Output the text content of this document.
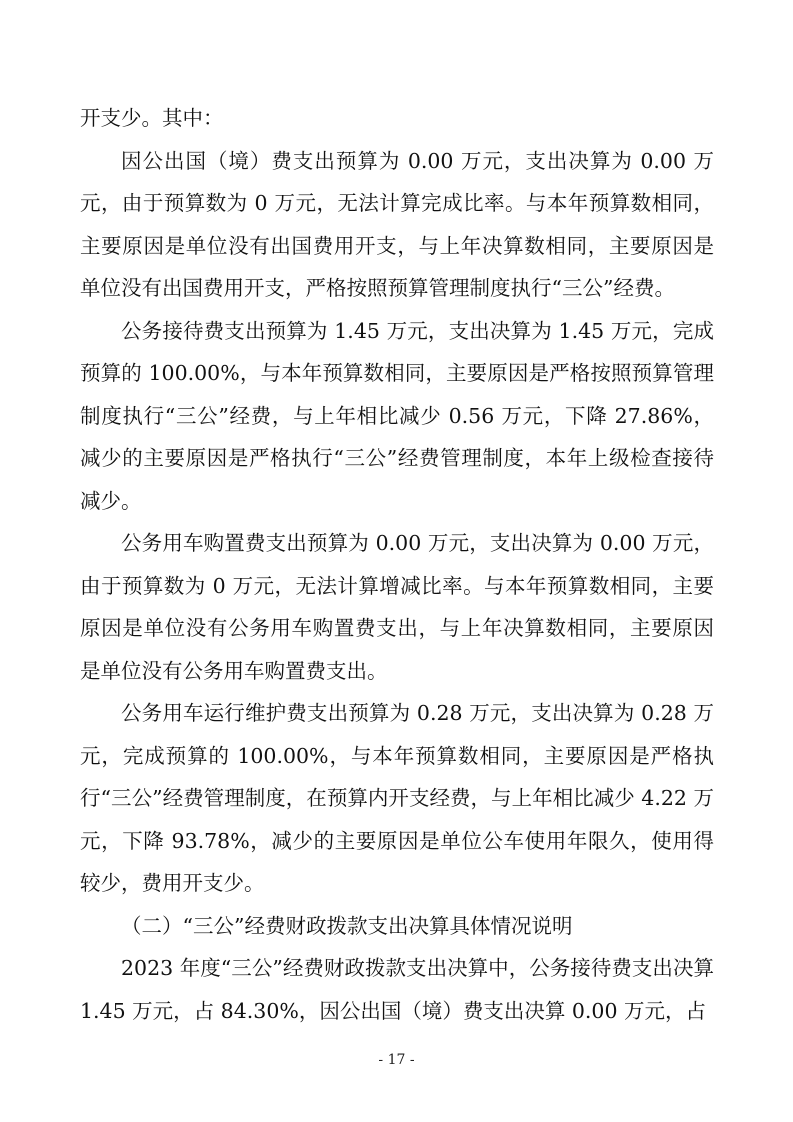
开支少。其中：

因公出国（境）费支出预算为 0.00 万元，支出决算为 0.00 万元，由于预算数为 0 万元，无法计算完成比率。与本年预算数相同，主要原因是单位没有出国费用开支，与上年决算数相同，主要原因是单位没有出国费用开支，严格按照预算管理制度执行“三公”经费。

公务接待费支出预算为 1.45 万元，支出决算为 1.45 万元，完成预算的 100.00%，与本年预算数相同，主要原因是严格按照预算管理制度执行“三公”经费，与上年相比减少 0.56 万元，下降 27.86%，减少的主要原因是严格执行“三公”经费管理制度，本年上级检查接待减少。

公务用车购置费支出预算为 0.00 万元，支出决算为 0.00 万元，由于预算数为 0 万元，无法计算增减比率。与本年预算数相同，主要原因是单位没有公务用车购置费支出，与上年决算数相同，主要原因是单位没有公务用车购置费支出。

公务用车运行维护费支出预算为 0.28 万元，支出决算为 0.28 万元，完成预算的 100.00%，与本年预算数相同，主要原因是严格执行“三公”经费管理制度，在预算内开支经费，与上年相比减少 4.22 万元，下降 93.78%，减少的主要原因是单位公车使用年限久，使用得较少，费用开支少。

（二）“三公”经费财政拨款支出决算具体情况说明

2023 年度“三公”经费财政拨款支出决算中，公务接待费支出决算 1.45 万元，占 84.30%，因公出国（境）费支出决算 0.00 万元，占

- 17 -
